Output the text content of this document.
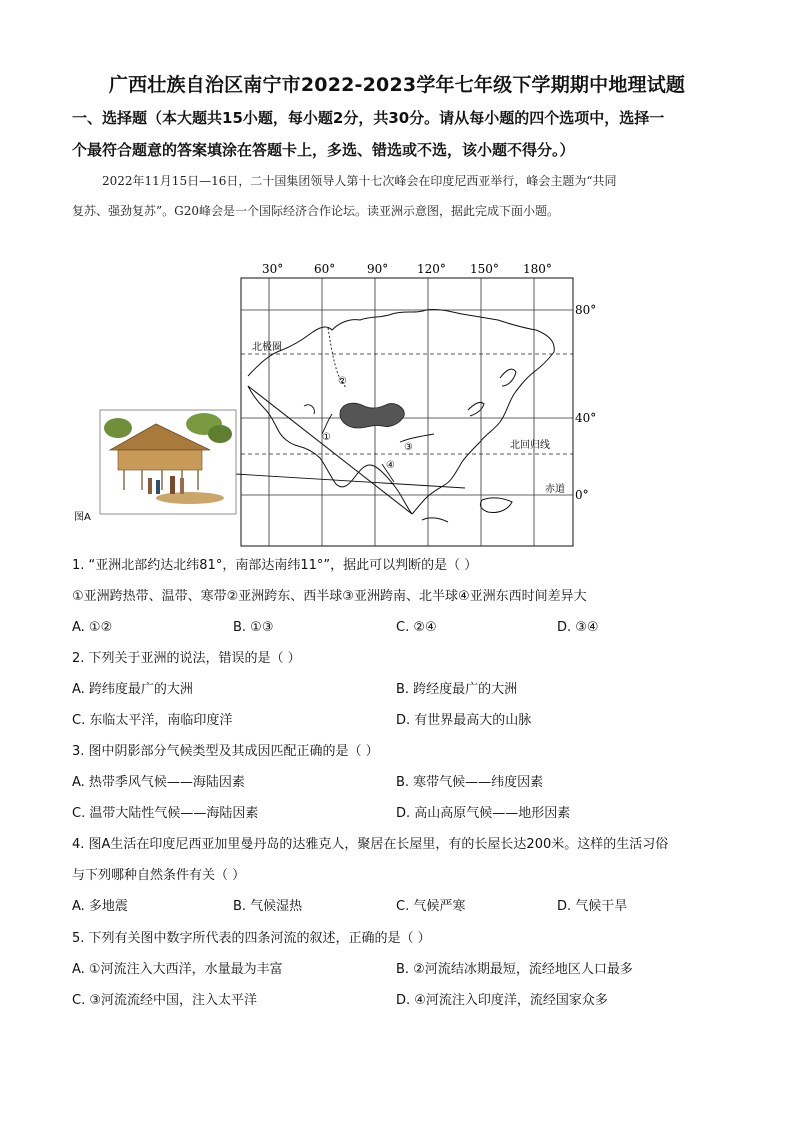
广西壮族自治区南宁市2022-2023学年七年级下学期期中地理试题
一、选择题（本大题共15小题，每小题2分，共30分。请从每小题的四个选项中，选择一
个最符合题意的答案填涂在答题卡上，多选、错选或不选，该小题不得分。）
2022年11月15日—16日，二十国集团领导人第十七次峰会在印度尼西亚举行，峰会主题为“共同
复苏、强劲复苏”。G20峰会是一个国际经济合作论坛。读亚洲示意图，据此完成下面小题。
30°	60°	90° 120° 150° 180°
80°
40°
0°
北极圈
北回归线
赤道
①
②
③
④
图A
1. “亚洲北部约达北纬81°，南部达南纬11°”，据此可以判断的是（ ）
①亚洲跨热带、温带、寒带②亚洲跨东、西半球③亚洲跨南、北半球④亚洲东西时间差异大
A. ①②	B. ①③	C. ②④	D. ③④
2. 下列关于亚洲的说法，错误的是（ ）
A. 跨纬度最广的大洲	B. 跨经度最广的大洲
C. 东临太平洋，南临印度洋	D. 有世界最高大的山脉
3. 图中阴影部分气候类型及其成因匹配正确的是（ ）
A. 热带季风气候——海陆因素	B. 寒带气候——纬度因素
C. 温带大陆性气候——海陆因素	D. 高山高原气候——地形因素
4. 图A生活在印度尼西亚加里曼丹岛的达雅克人，聚居在长屋里，有的长屋长达200米。这样的生活习俗
与下列哪种自然条件有关（ ）
A. 多地震	B. 气候湿热	C. 气候严寒	D. 气候干旱
5. 下列有关图中数字所代表的四条河流的叙述，正确的是（ ）
A. ①河流注入大西洋，水量最为丰富	B. ②河流结冰期最短，流经地区人口最多
C. ③河流流经中国，注入太平洋	D. ④河流注入印度洋，流经国家众多
